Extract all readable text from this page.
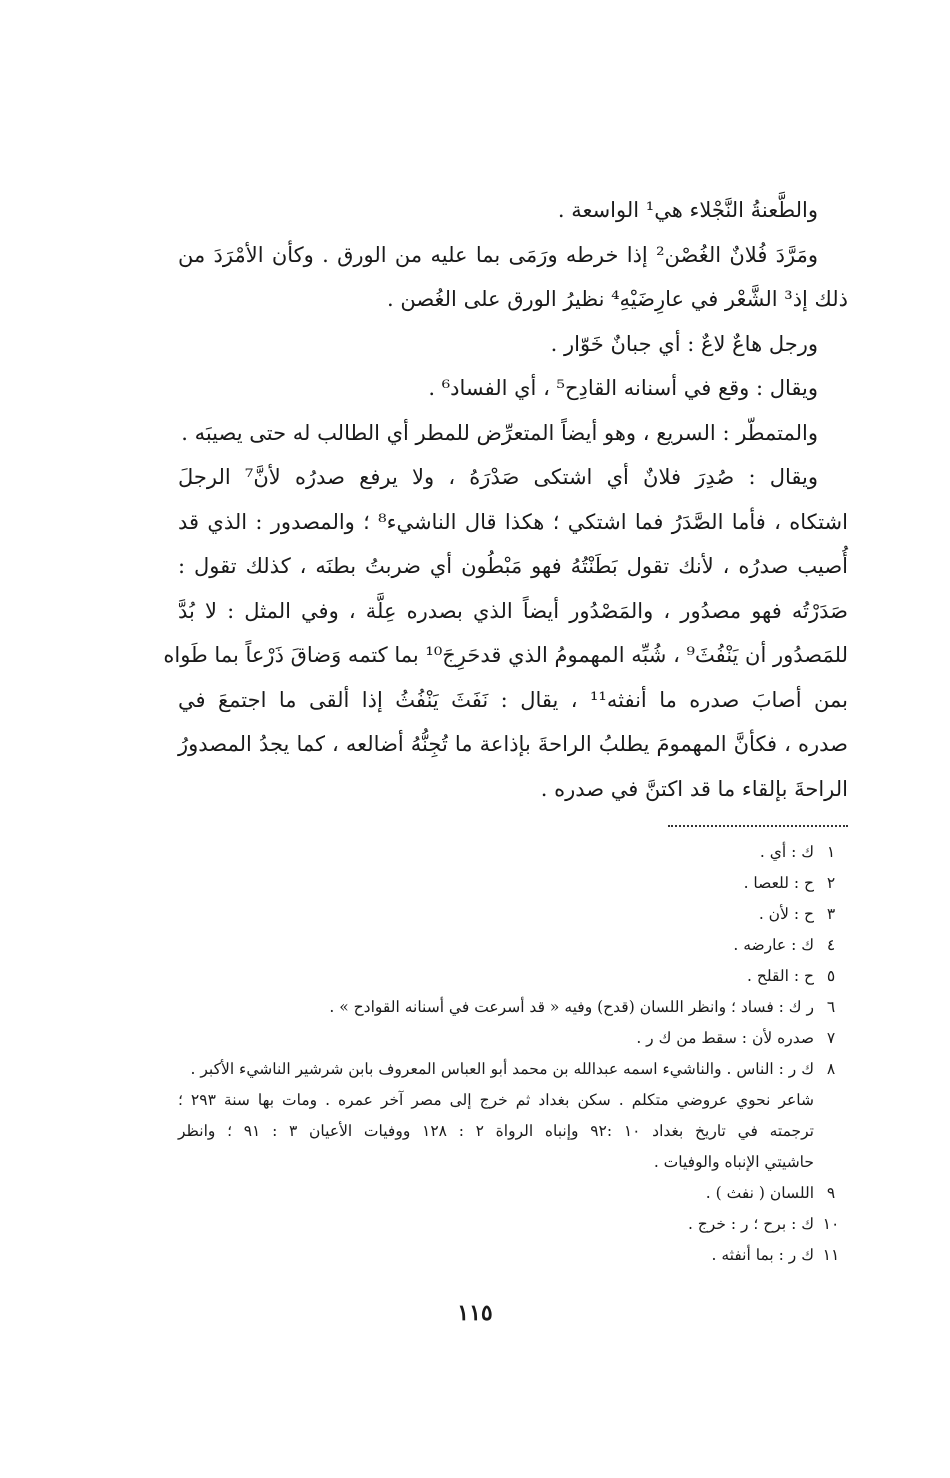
والطَّعنةُ النَّجْلاء هي¹ الواسعة .
ومَرَّدَ فُلانٌ الغُصْن² إذا خرطه ورَمَى بما عليه من الورق . وكأن الأمْرَدَ من
ذلك إذ³ الشَّعْر في عارِضَيْهِ⁴ نظيرُ الورق على الغُصن .
ورجل هاعٌ لاعٌ : أي جبانٌ خَوّار .
ويقال : وقع في أسنانه القادِح⁵ ، أي الفساد⁶ .
والمتمطّر : السريع ، وهو أيضاً المتعرِّض للمطر أي الطالب له حتى يصيبَه .
ويقال : صُدِرَ فلانٌ أي اشتكى صَدْرَهُ ، ولا يرفع صدرُه لأنَّ⁷ الرجلَ
اشتكاه ، فأما الصَّدَرُ فما اشتكي ؛ هكذا قال الناشيء⁸ ؛ والمصدور : الذي قد
أُصيب صدرُه ، لأنك تقول بَطَنْتُهُ فهو مَبْطُون أي ضربتُ بطنَه ، كذلك تقول :
صَدَرْتُه فهو مصدُور ، والمَصْدُور أيضاً الذي بصدره عِلَّة ، وفي المثل : لا بُدَّ
للمَصدُور أن يَنْفُثَ⁹ ، شُبِّه المهمومُ الذي قدحَرِجَ¹⁰ بما كتمه وَضاقَ ذَرْعاً بما طَواه
بمن أصابَ صدره ما أنفثه¹¹ ، يقال : نَفَثَ يَنْفُثُ إذا ألقى ما اجتمعَ في
صدره ، فكأنَّ المهمومَ يطلبُ الراحةَ بإذاعة ما تُجِنُّهُ أضالعه ، كما يجدُ المصدورُ
الراحةَ بإلقاء ما قد اكتنَّ في صدره .
١
ك : أي .
٢
ح : للعصا .
٣
ح : لأن .
٤
ك : عارضه .
٥
ح : القلح .
٦
ر ك : فساد ؛ وانظر اللسان (قدح) وفيه « قد أسرعت في أسنانه القوادح » .
٧
صدره لأن : سقط من ك ر .
٨
ك ر : الناس . والناشيء اسمه عبدالله بن محمد أبو العباس المعروف بابن شرشير الناشيء الأكبر .
شاعر نحوي عروضي متكلم . سكن بغداد ثم خرج إلى مصر آخر عمره . ومات بها سنة ٢٩٣ ؛
ترجمته في تاريخ بغداد ١٠ :٩٢ وإنباه الرواة ٢ : ١٢٨ ووفيات الأعيان ٣ : ٩١ ؛ وانظر
حاشيتي الإنباه والوفيات .
٩
اللسان ( نفث ) .
١٠
ك : برح ؛ ر : خرج .
١١
ك ر : بما أنفثه .
١١٥
